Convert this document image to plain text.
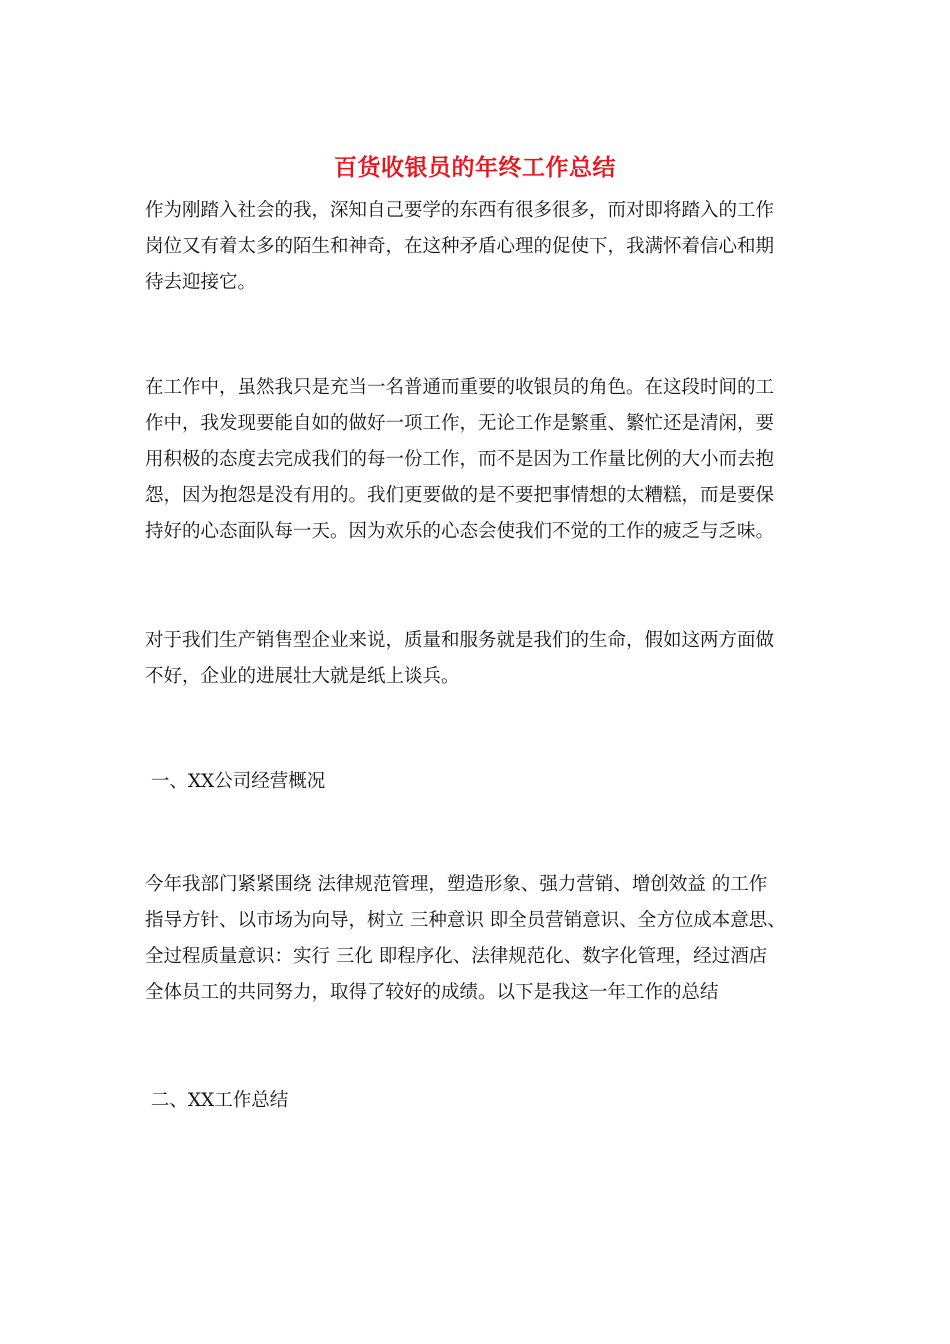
百货收银员的年终工作总结
作为刚踏入社会的我，深知自己要学的东西有很多很多，而对即将踏入的工作
岗位又有着太多的陌生和神奇，在这种矛盾心理的促使下，我满怀着信心和期
待去迎接它。
在工作中，虽然我只是充当一名普通而重要的收银员的角色。在这段时间的工
作中，我发现要能自如的做好一项工作，无论工作是繁重、繁忙还是清闲，要
用积极的态度去完成我们的每一份工作，而不是因为工作量比例的大小而去抱
怨，因为抱怨是没有用的。我们更要做的是不要把事情想的太糟糕，而是要保
持好的心态面队每一天。因为欢乐的心态会使我们不觉的工作的疲乏与乏味。
对于我们生产销售型企业来说，质量和服务就是我们的生命，假如这两方面做
不好，企业的进展壮大就是纸上谈兵。
一、XX公司经营概况
今年我部门紧紧围绕 法律规范管理，塑造形象、强力营销、增创效益 的工作
指导方针、以市场为向导，树立 三种意识 即全员营销意识、全方位成本意思、
全过程质量意识：实行 三化 即程序化、法律规范化、数字化管理，经过酒店
全体员工的共同努力，取得了较好的成绩。以下是我这一年工作的总结
二、XX工作总结
